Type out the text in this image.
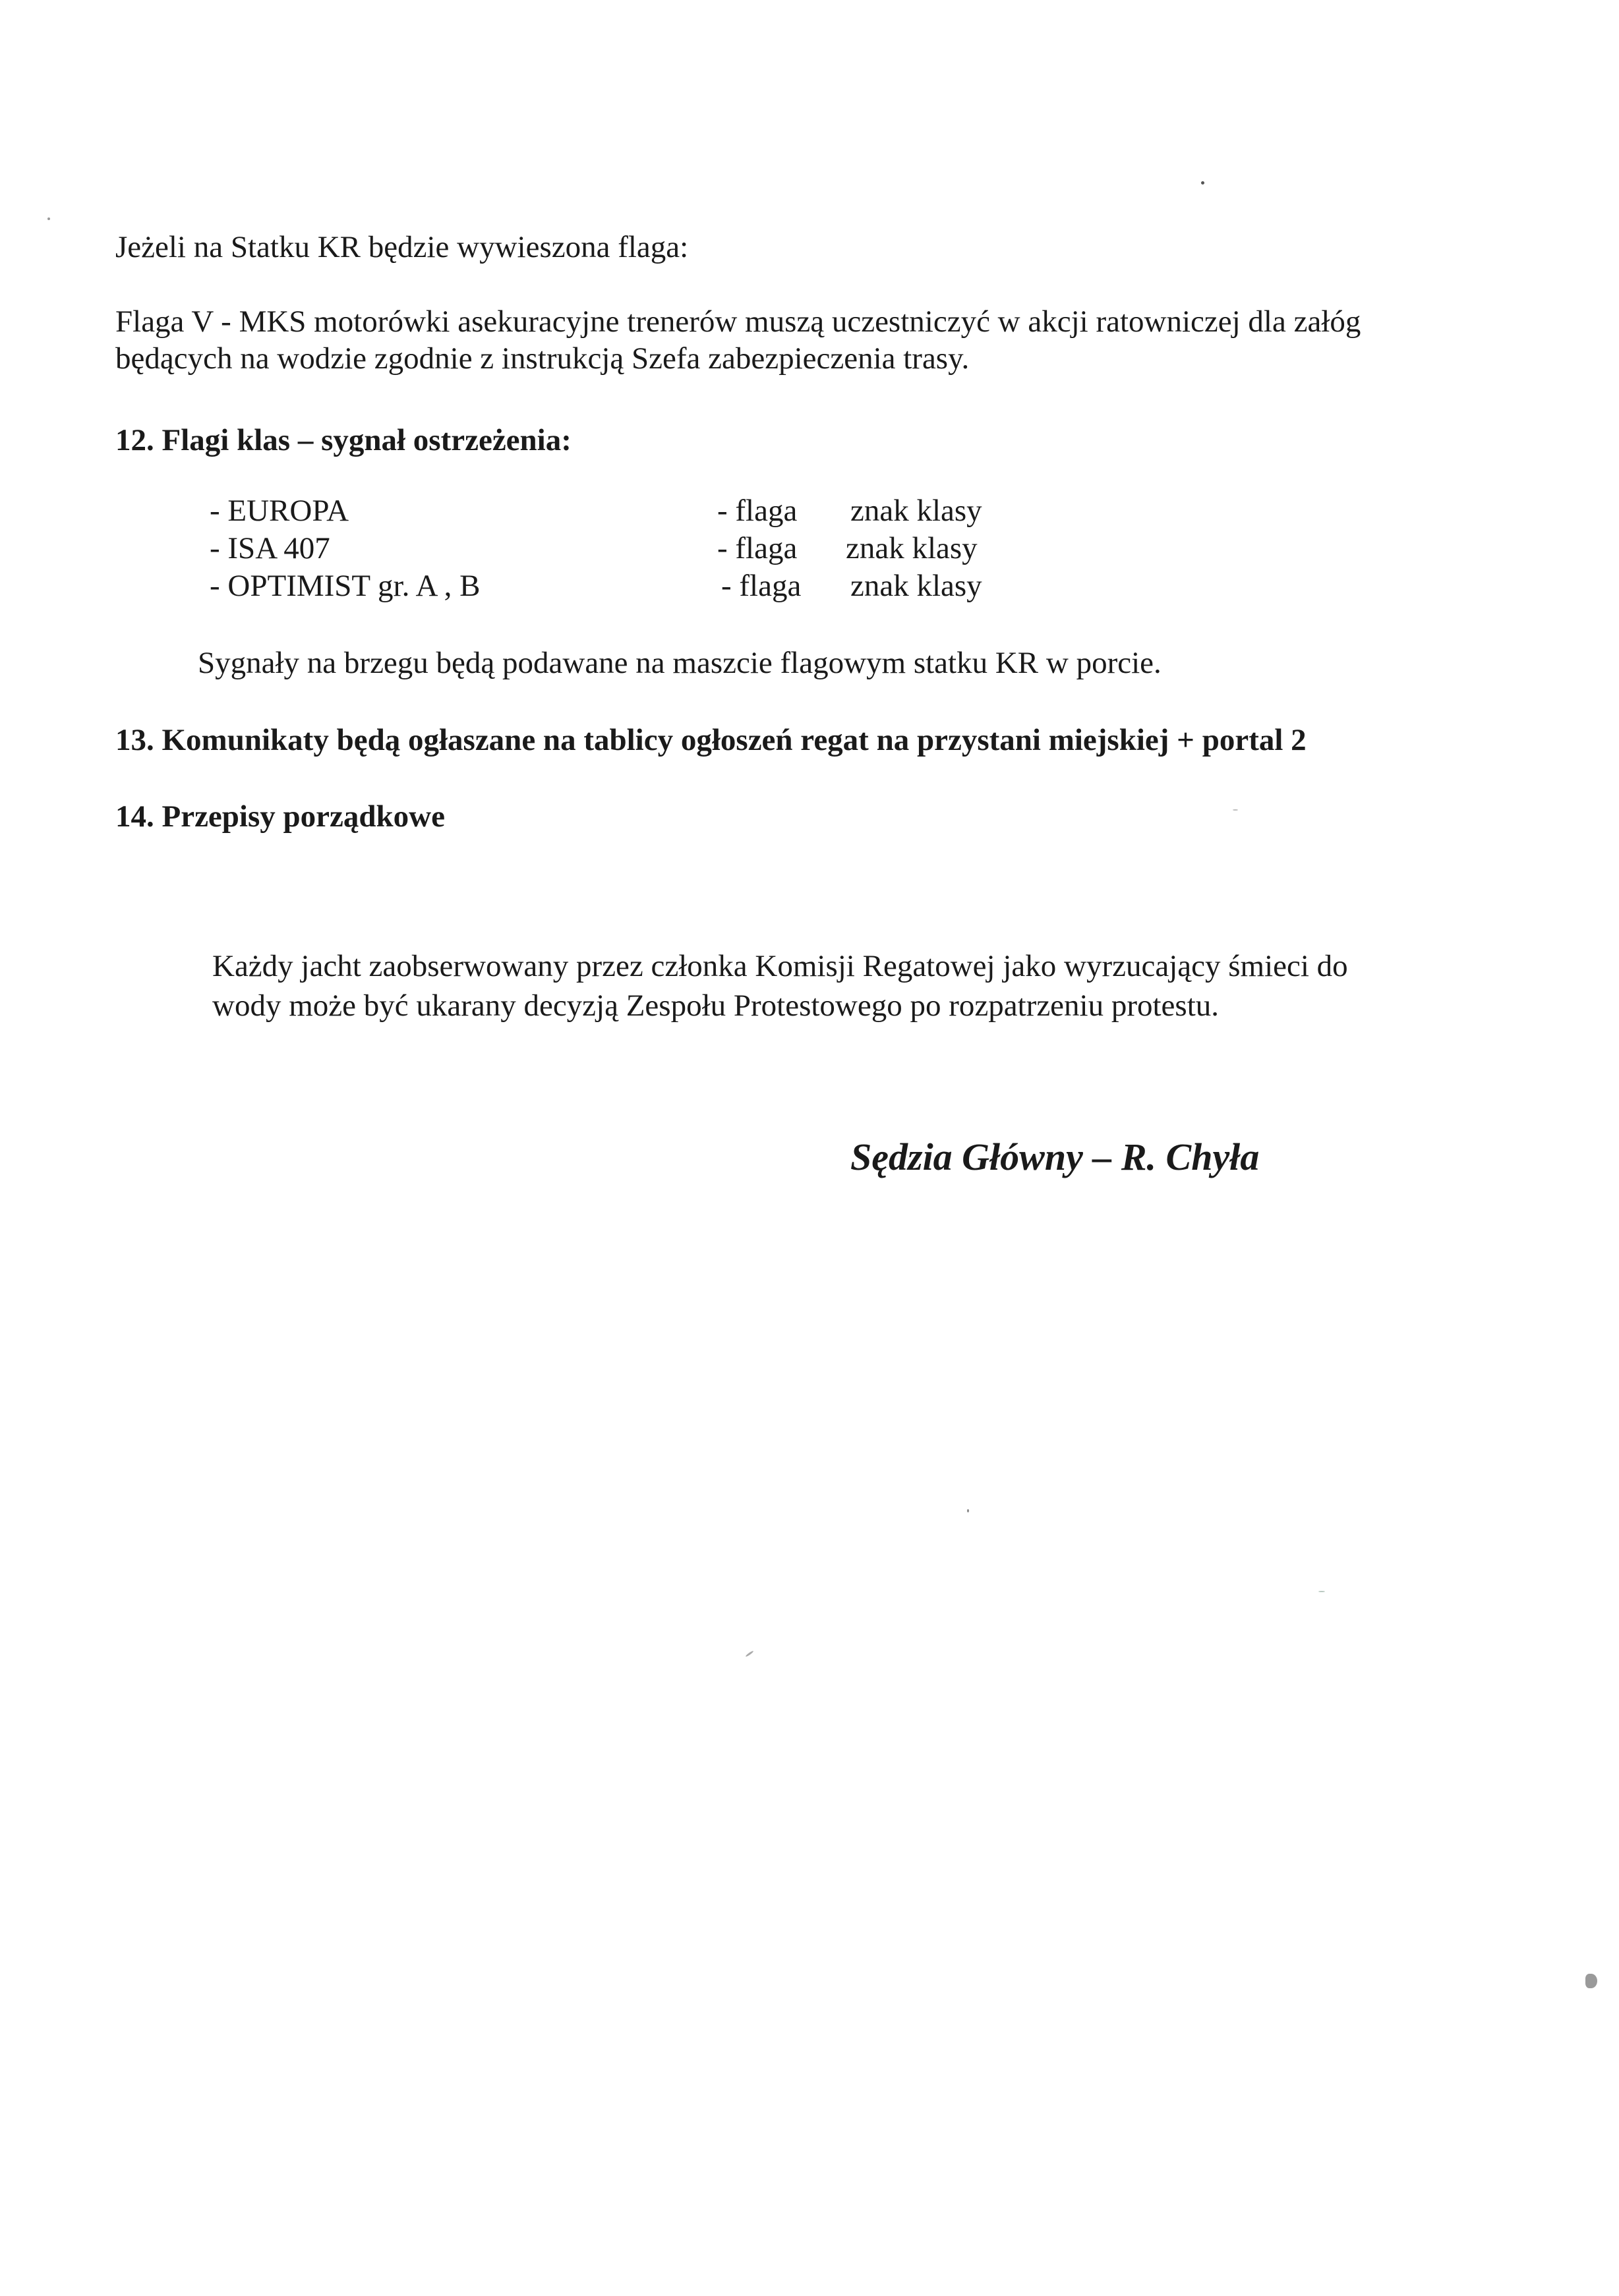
Jeżeli na Statku KR będzie wywieszona flaga:
Flaga V - MKS motorówki asekuracyjne trenerów muszą uczestniczyć w akcji ratowniczej dla załóg
będących na wodzie zgodnie z instrukcją Szefa zabezpieczenia trasy.
12. Flagi klas – sygnał ostrzeżenia:
- EUROPA	- flaga znak klasy
- ISA 407	- flaga znak klasy
- OPTIMIST gr. A , B	- flaga znak klasy
Sygnały na brzegu będą podawane na maszcie flagowym statku KR w porcie.
13. Komunikaty będą ogłaszane na tablicy ogłoszeń regat na przystani miejskiej + portal 2
14. Przepisy porządkowe
Każdy jacht zaobserwowany przez członka Komisji Regatowej jako wyrzucający śmieci do
wody może być ukarany decyzją Zespołu Protestowego po rozpatrzeniu protestu.
Sędzia Główny – R. Chyła
